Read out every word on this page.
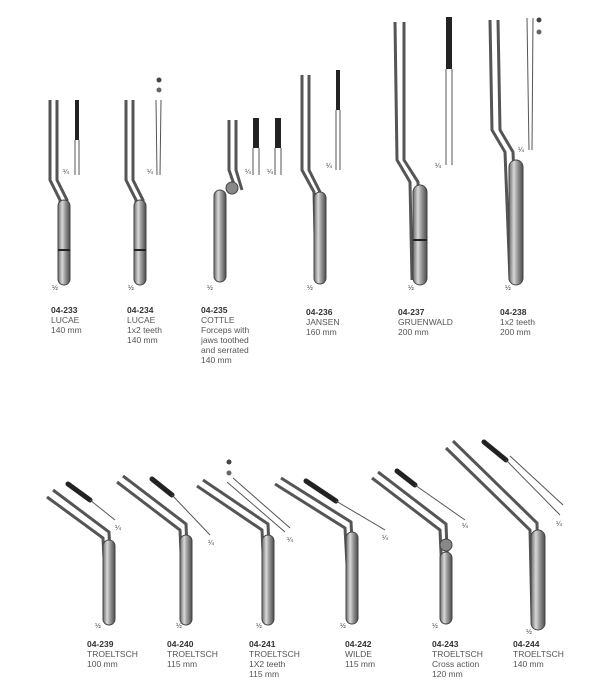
¼
½
¼
½
¼ ¼
½
¼
½
¼
½
¼
½
¼
½
¼
½
¼
½
¼
½
¼
½
¼
½
04-233
LUCAE
140 mm
04-234
LUCAE
1x2 teeth
140 mm
04-235
COTTLE
Forceps with
jaws toothed
and serrated
140 mm
04-236
JANSEN
160 mm
04-237
GRUENWALD
200 mm
04-238
1x2 teeth
200 mm
04-239
TROELTSCH
100 mm
04-240
TROELTSCH
115 mm
04-241
TROELTSCH
1X2 teeth
115 mm
04-242
WILDE
115 mm
04-243
TROELTSCH
Cross action
120 mm
04-244
TROELTSCH
140 mm
